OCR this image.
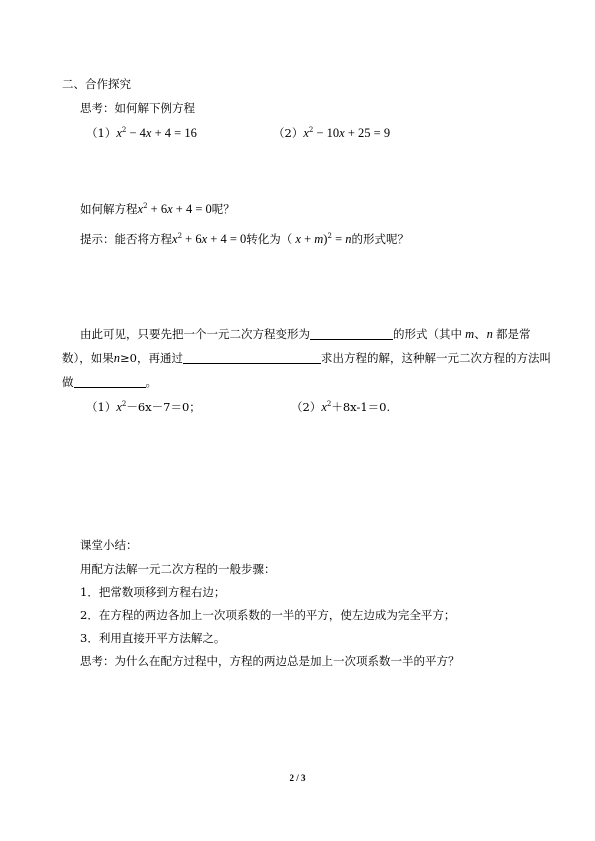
二、合作探究
思考：如何解下例方程
$(1)x^2 - 4x + 4 = 16$	$(2)x^2 - 10x + 25 = 9$
如何解方程$x^2 + 6x + 4 = 0$呢？
提示：能否将方程$x^2 + 6x + 4 = 0$转化为（ x + m)$^2$ = n的形式呢？
由此可见，只要先把一个一元二次方程变形为	的形式（其中 m、n 都是常
数），如果n≥0，再通过	求出方程的解，这种解一元二次方程的方法叫
做	。
$(1)x^2-6x-7=0$；	$(2)x^2+8x-1=0$.
课堂小结：
用配方法解一元二次方程的一般步骤：
1．把常数项移到方程右边；
2．在方程的两边各加上一次项系数的一半的平方，使左边成为完全平方；
3．利用直接开平方法解之。
思考：为什么在配方过程中，方程的两边总是加上一次项系数一半的平方？
2 / 3
